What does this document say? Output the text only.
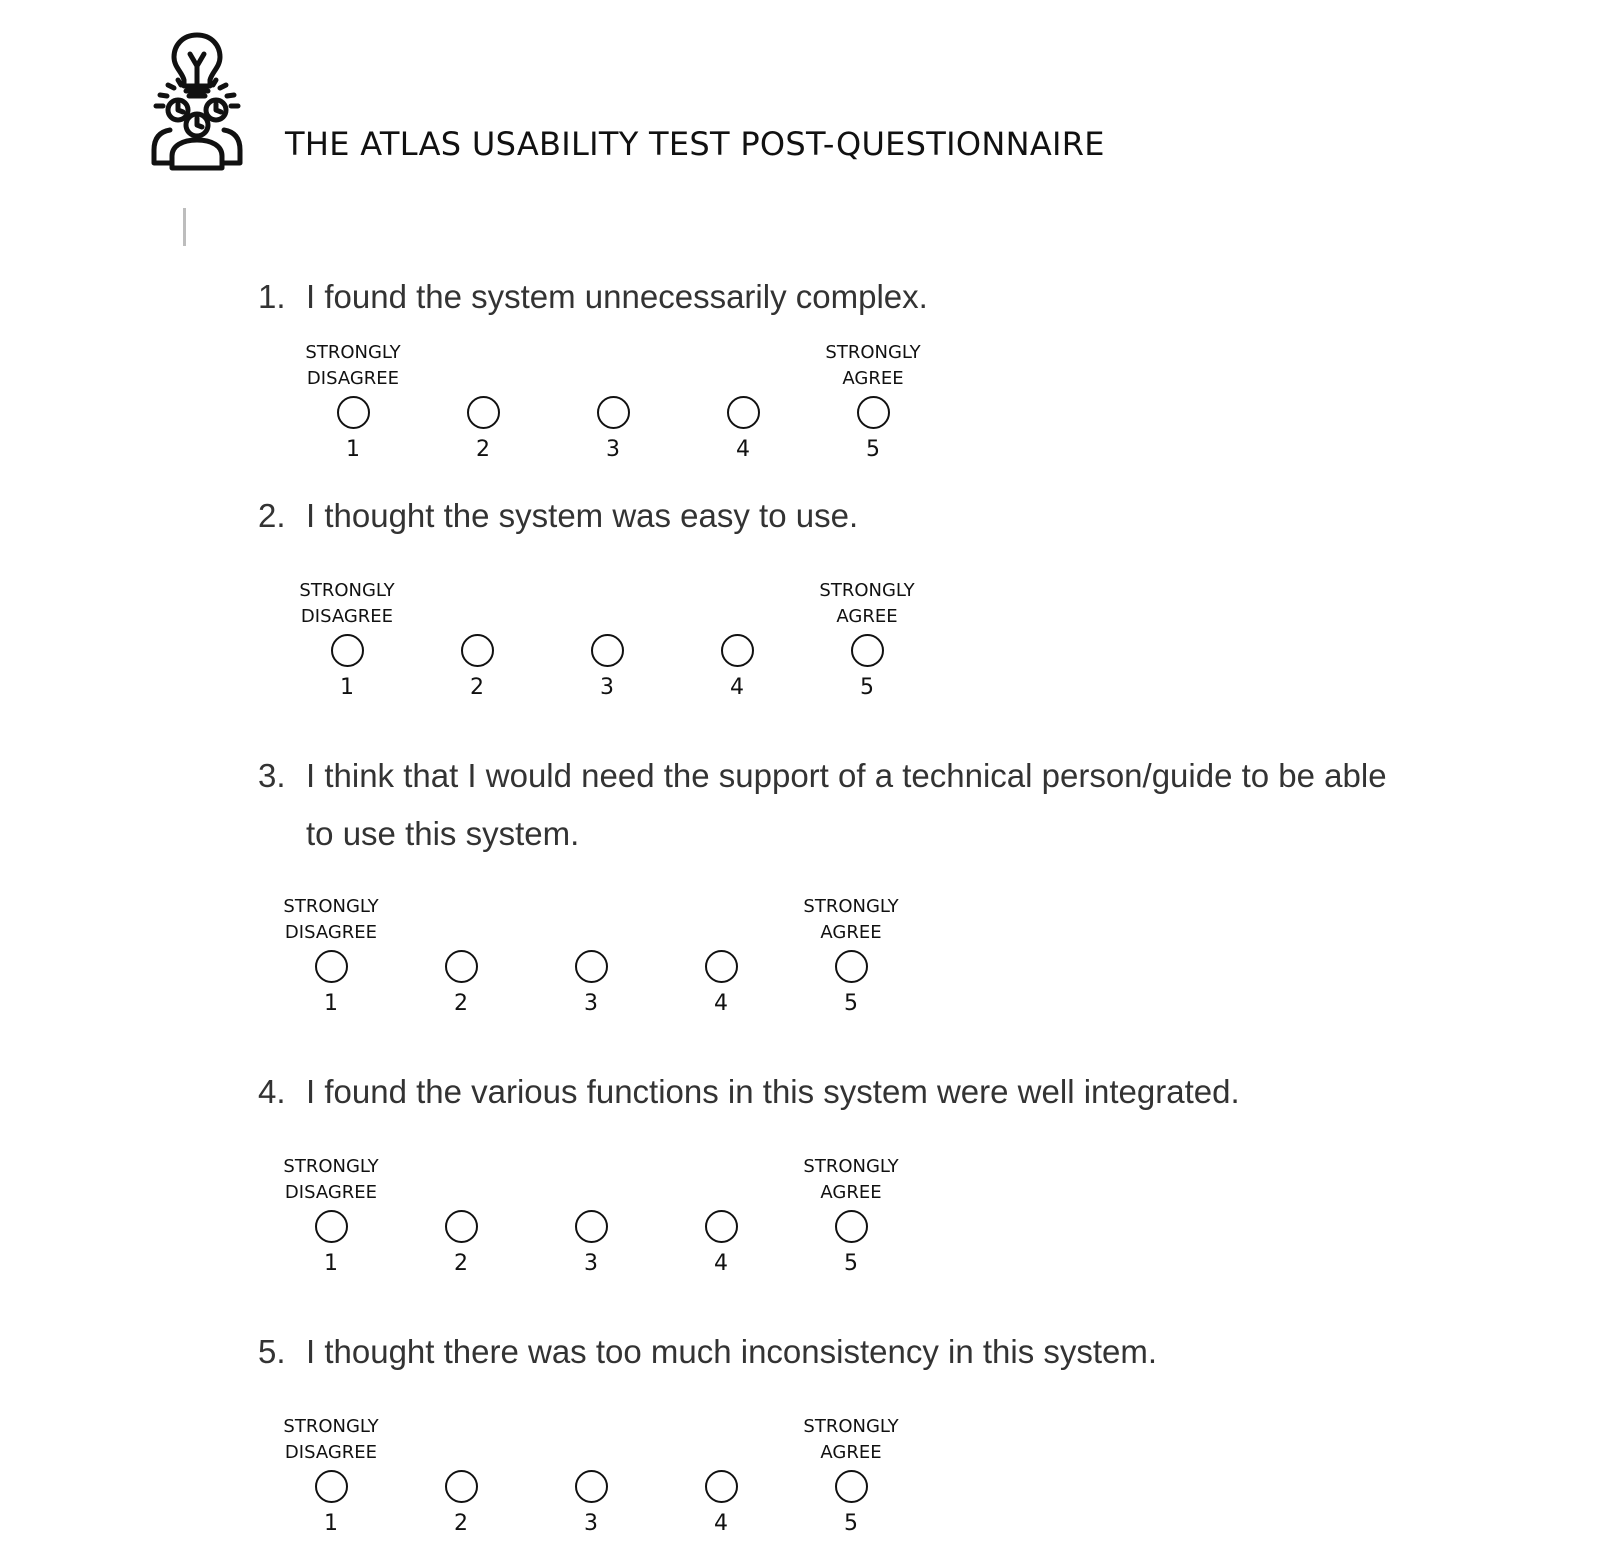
THE ATLAS USABILITY TEST POST-QUESTIONNAIRE
1. I found the system unnecessarily complex.
STRONGLY DISAGREE
STRONGLY AGREE
1	2	3	4	5
2. I thought the system was easy to use.
STRONGLY DISAGREE
STRONGLY AGREE
1	2	3	4	5
3. I think that I would need the support of a technical person/guide to be able to use this system.
STRONGLY DISAGREE
STRONGLY AGREE
1	2	3	4	5
4. I found the various functions in this system were well integrated.
STRONGLY DISAGREE
STRONGLY AGREE
1	2	3	4	5
5. I thought there was too much inconsistency in this system.
STRONGLY DISAGREE
STRONGLY AGREE
1	2	3	4	5
